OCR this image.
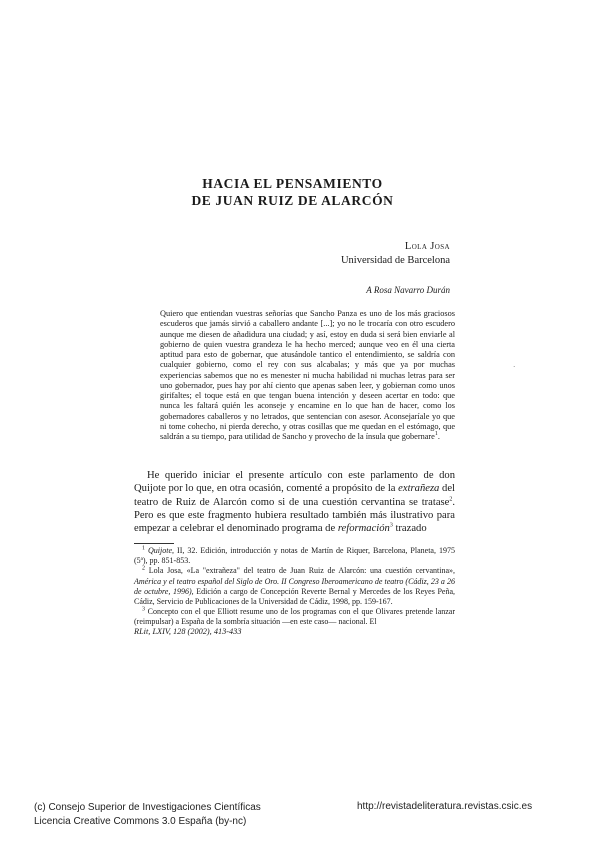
HACIA EL PENSAMIENTO
DE JUAN RUIZ DE ALARCÓN
Lola Josa
Universidad de Barcelona
A Rosa Navarro Durán
Quiero que entiendan vuestras señorías que Sancho Panza es uno de los más graciosos escuderos que jamás sirvió a caballero andante [...]; yo no le trocaría con otro escudero aunque me diesen de añadidura una ciudad; y así, estoy en duda si será bien enviarle al gobierno de quien vuestra grandeza le ha hecho merced; aunque veo en él una cierta aptitud para esto de gobernar, que atusándole tantico el entendimiento, se saldría con cualquier gobierno, como el rey con sus alcabalas; y más que ya por muchas experiencias sabemos que no es menester ni mucha habilidad ni muchas letras para ser uno gobernador, pues hay por ahí ciento que apenas saben leer, y gobiernan como unos girifaltes; el toque está en que tengan buena intención y deseen acertar en todo: que nunca les faltará quién les aconseje y encamine en lo que han de hacer, como los gobernadores caballeros y no letrados, que sentencian con asesor. Aconsejaríale yo que ni tome cohecho, ni pierda derecho, y otras cosillas que me quedan en el estómago, que saldrán a su tiempo, para utilidad de Sancho y provecho de la ínsula que gobernare$^1$.
·

He querido iniciar el presente artículo con este parlamento de don Quijote por lo que, en otra ocasión, comenté a propósito de la extrañeza del teatro de Ruiz de Alarcón como si de una cuestión cervantina se tratase$^2$. Pero es que este fragmento hubiera resultado también más ilustrativo para empezar a celebrar el denominado programa de reformación$^3$ trazado

$^1$ Quijote, II, 32. Edición, introducción y notas de Martín de Riquer, Barcelona, Planeta, 1975 (5ª), pp. 851-853.

$^2$ Lola Josa, «La "extrañeza" del teatro de Juan Ruiz de Alarcón: una cuestión cervantina», América y el teatro español del Siglo de Oro. II Congreso Iberoamericano de teatro (Cádiz, 23 a 26 de octubre, 1996), Edición a cargo de Concepción Reverte Bernal y Mercedes de los Reyes Peña, Cádiz, Servicio de Publicaciones de la Universidad de Cádiz, 1998, pp. 159-167.

$^3$ Concepto con el que Elliott resume uno de los programas con el que Olivares pretende lanzar (reimpulsar) a España de la sombría situación —en este caso— nacional. El

RLit, LXIV, 128 (2002), 413-433
(c) Consejo Superior de Investigaciones Científicas
Licencia Creative Commons 3.0 España (by-nc)
http://revistadeliteratura.revistas.csic.es
